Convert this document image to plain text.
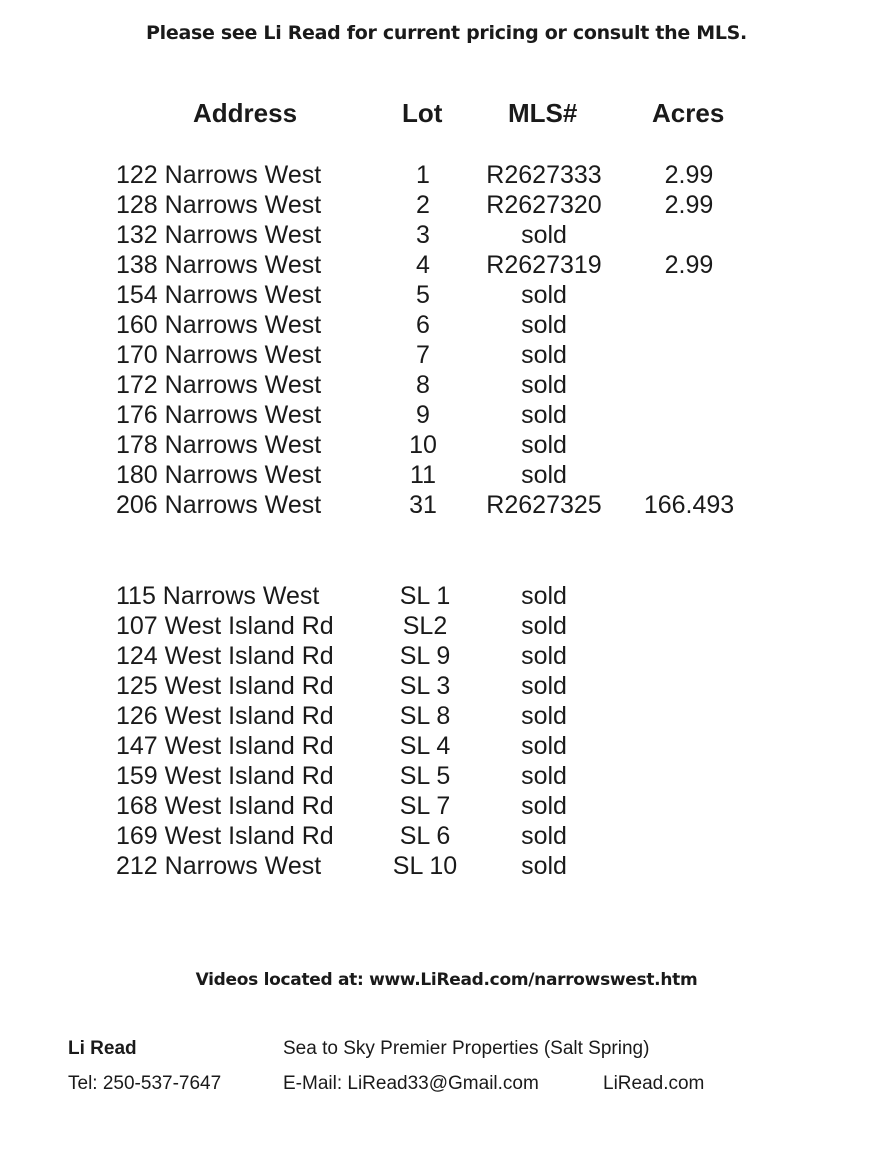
Please see Li Read for current pricing or consult the MLS.
Address	Lot	MLS#	Acres
122 Narrows West	1	R2627333	2.99
128 Narrows West	2	R2627320	2.99
132 Narrows West	3	sold
138 Narrows West	4	R2627319	2.99
154 Narrows West	5	sold
160 Narrows West	6	sold
170 Narrows West	7	sold
172 Narrows West	8	sold
176 Narrows West	9	sold
178 Narrows West	10	sold
180 Narrows West	11	sold
206 Narrows West	31	R2627325	166.493
115 Narrows West	SL 1	sold
107 West Island Rd	SL2	sold
124 West Island Rd	SL 9	sold
125 West Island Rd	SL 3	sold
126 West Island Rd	SL 8	sold
147 West Island Rd	SL 4	sold
159 West Island Rd	SL 5	sold
168 West Island Rd	SL 7	sold
169 West Island Rd	SL 6	sold
212 Narrows West	SL 10	sold
Videos located at: www.LiRead.com/narrowswest.htm
Li Read	Sea to Sky Premier Properties (Salt Spring)
Tel: 250-537-7647	E-Mail: LiRead33@Gmail.com	LiRead.com
